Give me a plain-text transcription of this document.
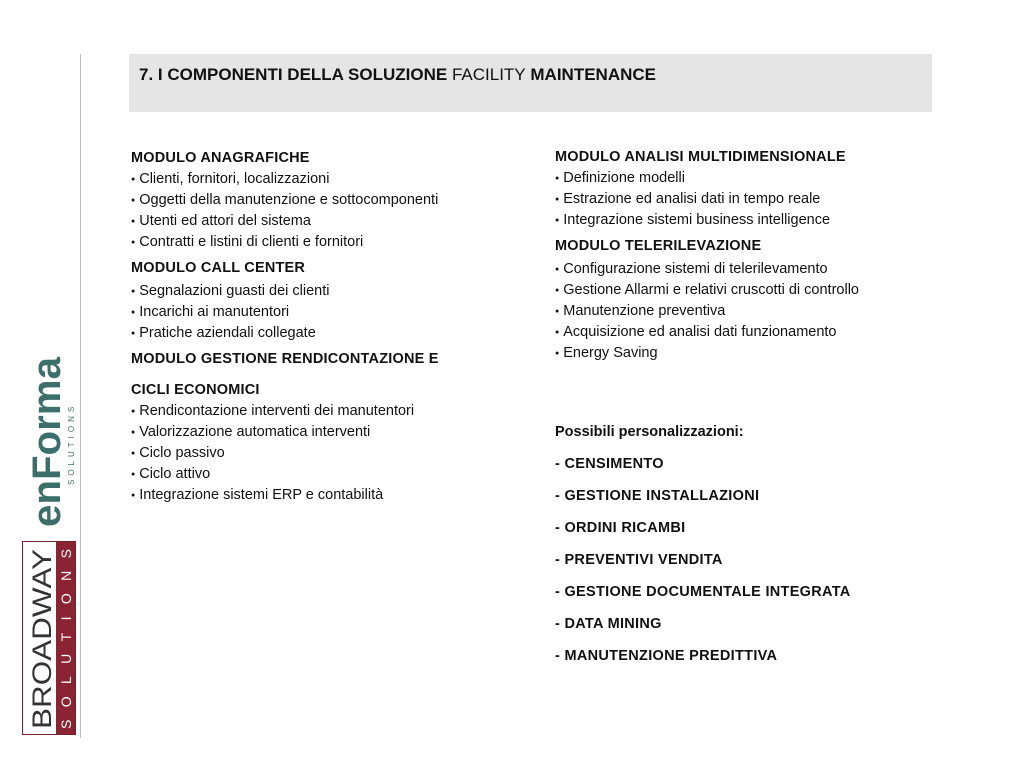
7. I COMPONENTI DELLA SOLUZIONE FACILITY MAINTENANCE

MODULO ANAGRAFICHE

● Clienti, fornitori, localizzazioni
● Oggetti della manutenzione e sottocomponenti
● Utenti ed attori del sistema
● Contratti e listini di clienti e fornitori

MODULO CALL CENTER

● Segnalazioni guasti dei clienti
● Incarichi ai manutentori
● Pratiche aziendali collegate

MODULO GESTIONE RENDICONTAZIONE E

CICLI ECONOMICI

● Rendicontazione interventi dei manutentori
● Valorizzazione automatica interventi
● Ciclo passivo
● Ciclo attivo
● Integrazione sistemi ERP e contabilità

MODULO ANALISI MULTIDIMENSIONALE

● Definizione modelli
● Estrazione ed analisi dati in tempo reale
● Integrazione sistemi business intelligence

MODULO TELERILEVAZIONE

● Configurazione sistemi di telerilevamento
● Gestione Allarmi e relativi cruscotti di controllo
● Manutenzione preventiva
● Acquisizione ed analisi dati funzionamento
● Energy Saving
Possibili personalizzazioni:
- CENSIMENTO
- GESTIONE INSTALLAZIONI
- ORDINI RICAMBI
- PREVENTIVI VENDITA
- GESTIONE DOCUMENTALE INTEGRATA
- DATA MINING
- MANUTENZIONE PREDITTIVA
enForma
SOLUTIONS
BROADWAY SOLUTIONS
